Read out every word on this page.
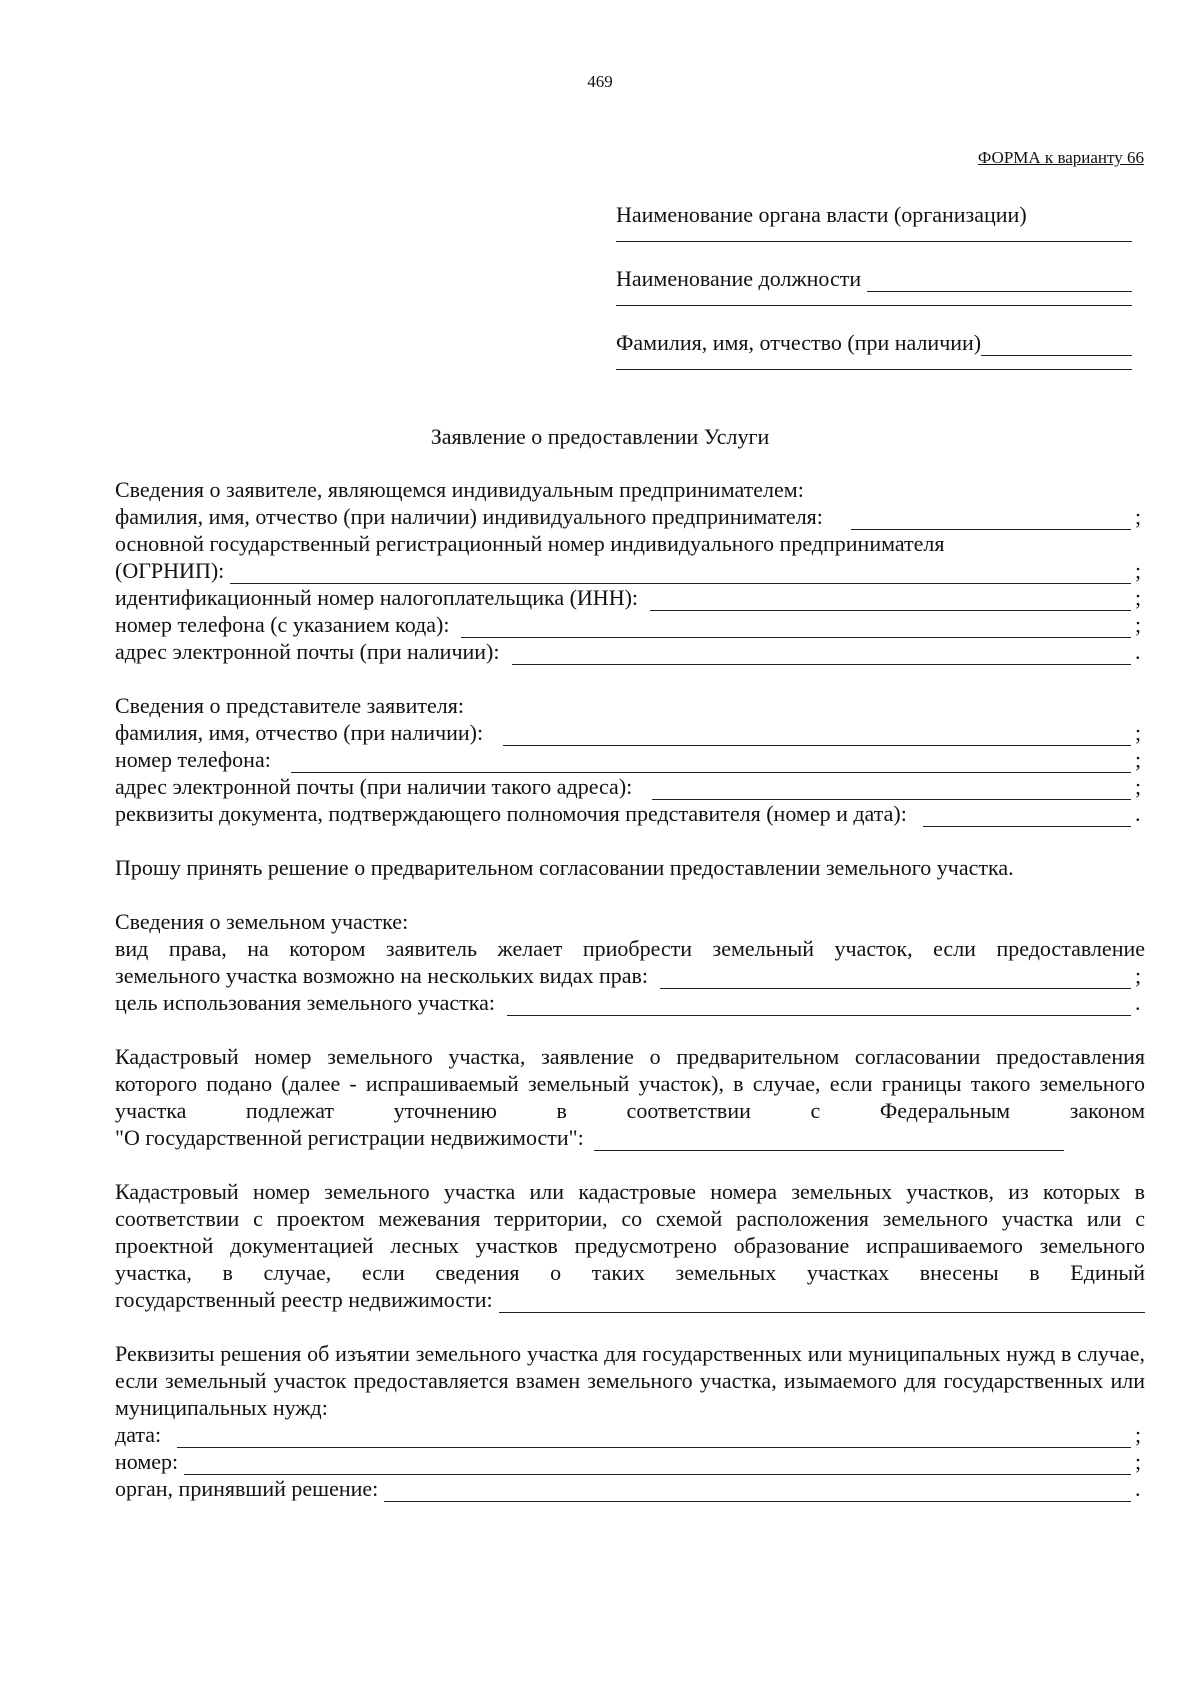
469
ФОРМА к варианту 66
Наименование органа власти (организации)
Наименование должности
Фамилия, имя, отчество (при наличии)
Заявление о предоставлении Услуги
Сведения о заявителе, являющемся индивидуальным предпринимателем:
фамилия, имя, отчество (при наличии) индивидуального предпринимателя:	;
основной государственный регистрационный номер индивидуального предпринимателя
(ОГРНИП):	;
идентификационный номер налогоплательщика (ИНН):	;
номер телефона (с указанием кода):	;
адрес электронной почты (при наличии):	.
Сведения о представителе заявителя:
фамилия, имя, отчество (при наличии):	;
номер телефона:	;
адрес электронной почты (при наличии такого адреса):	;
реквизиты документа, подтверждающего полномочия представителя (номер и дата):	.
Прошу принять решение о предварительном согласовании предоставлении земельного участка.
Сведения о земельном участке:

вид права, на котором заявитель желает приобрести земельный участок, если предоставление

земельного участка возможно на нескольких видах прав:	;
цель использования земельного участка:	.

Кадастровый номер земельного участка, заявление о предварительном согласовании предоставления которого подано (далее - испрашиваемый земельный участок), в случае, если границы такого земельного участка подлежат уточнению в соответствии с Федеральным законом

"О государственной регистрации недвижимости":

Кадастровый номер земельного участка или кадастровые номера земельных участков, из которых в соответствии с проектом межевания территории, со схемой расположения земельного участка или с проектной документацией лесных участков предусмотрено образование испрашиваемого земельного участка, в случае, если сведения о таких земельных участках внесены в Единый

государственный реестр недвижимости:

Реквизиты решения об изъятии земельного участка для государственных или муниципальных нужд в случае, если земельный участок предоставляется взамен земельного участка, изымаемого для государственных или муниципальных нужд:

дата:	;
номер:	;
орган, принявший решение:	.
